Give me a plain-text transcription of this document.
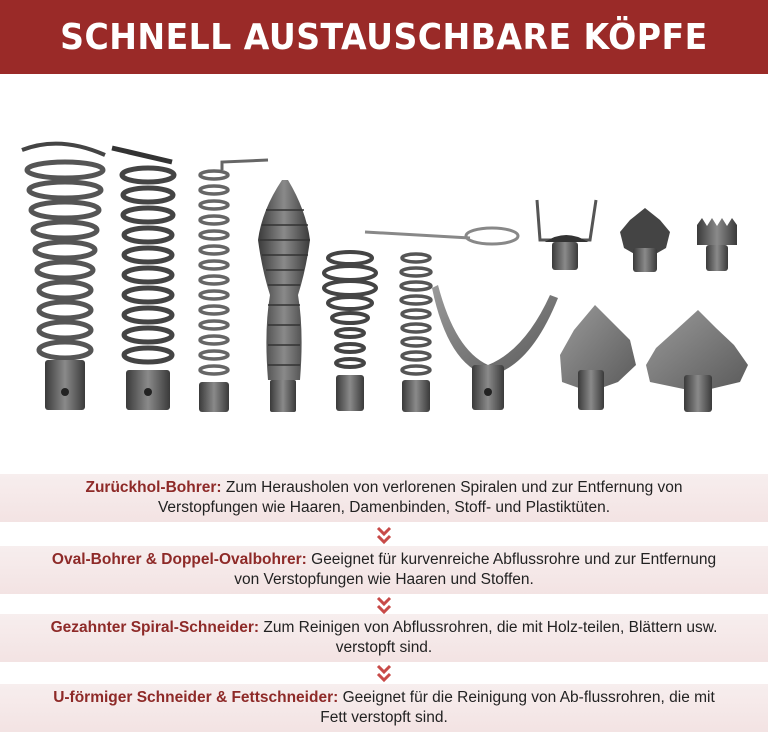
SCHNELL AUSTAUSCHBARE KÖPFE
Zurückhol-Bohrer: Zum Herausholen von verlorenen Spiralen und zur Entfernung von Verstopfungen wie Haaren, Damenbinden, Stoff- und Plastiktüten.
Oval-Bohrer & Doppel-Ovalbohrer: Geeignet für kurvenreiche Abflussrohre und zur Entfernung von Verstopfungen wie Haaren und Stoffen.
Gezahnter Spiral-Schneider: Zum Reinigen von Abflussrohren, die mit Holz-teilen, Blättern usw. verstopft sind.
U-förmiger Schneider & Fettschneider: Geeignet für die Reinigung von Ab-flussrohren, die mit Fett verstopft sind.
